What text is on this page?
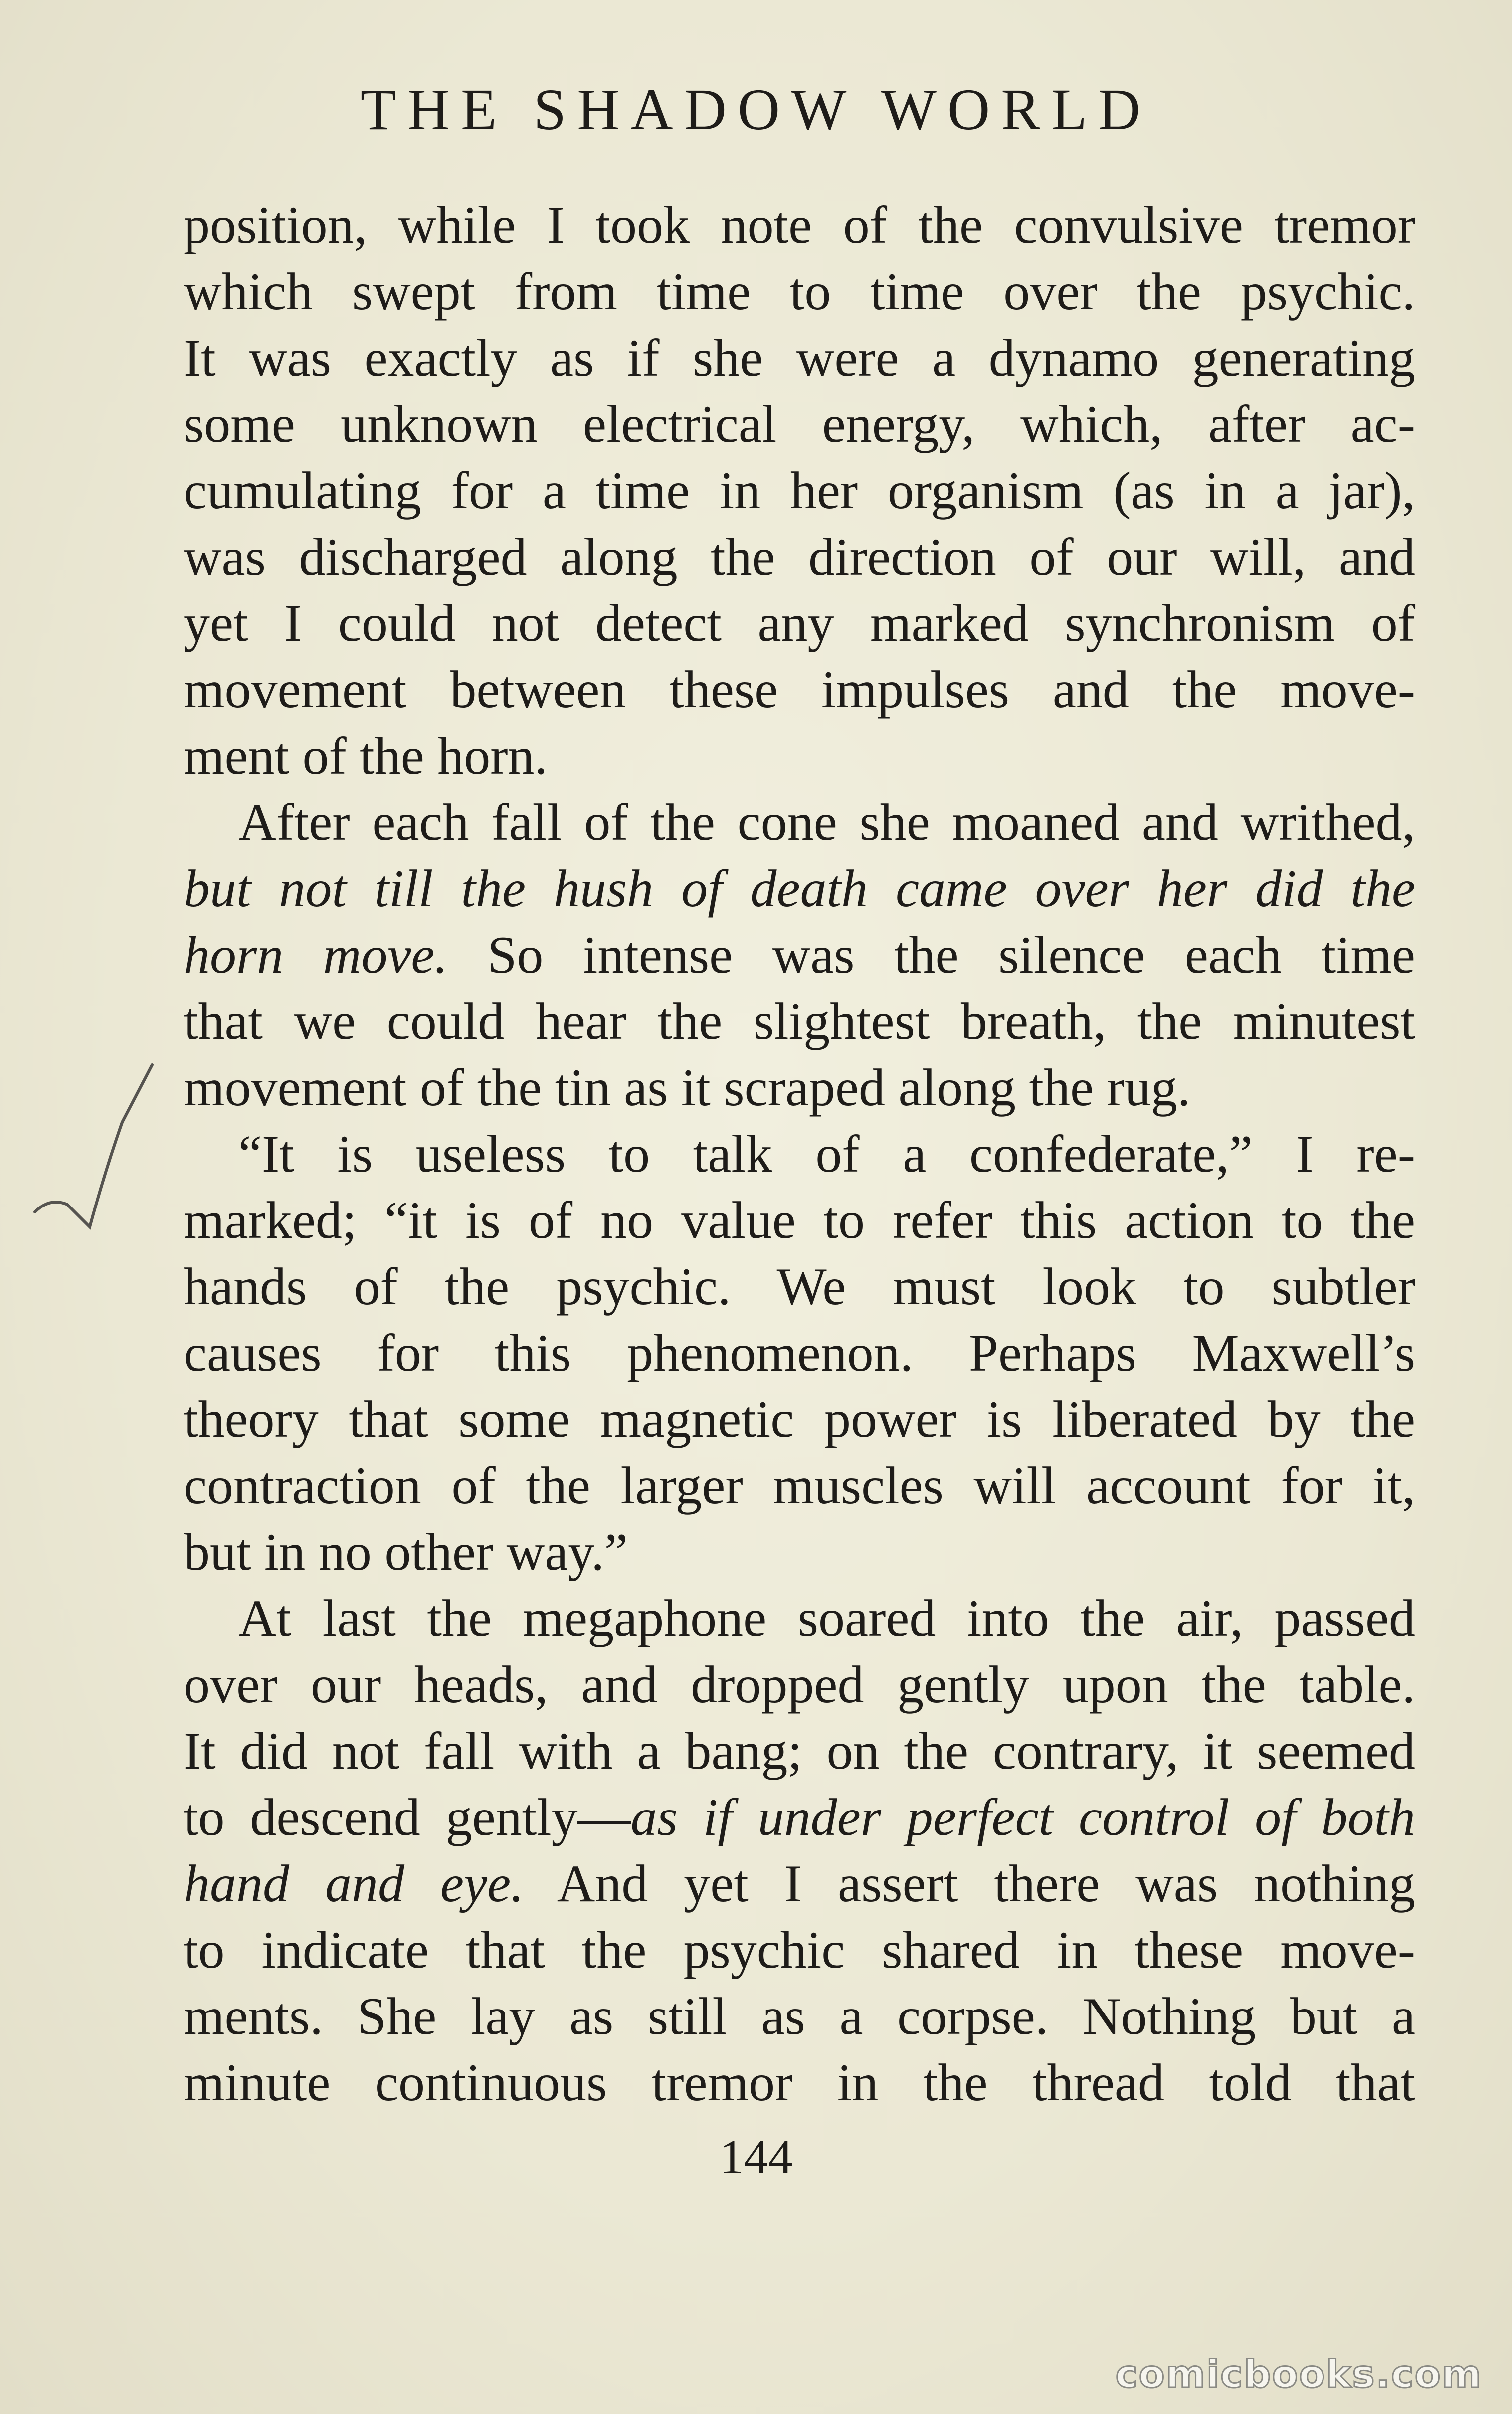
THE SHADOW WORLD
position, while I took note of the convulsive tremor
which swept from time to time over the psychic.
It was exactly as if she were a dynamo generating
some unknown electrical energy, which, after ac-
cumulating for a time in her organism (as in a jar),
was discharged along the direction of our will, and
yet I could not detect any marked synchronism of
movement between these impulses and the move-
ment of the horn.
After each fall of the cone she moaned and writhed,
but not till the hush of death came over her did the
horn move. So intense was the silence each time
that we could hear the slightest breath, the minutest
movement of the tin as it scraped along the rug.
“It is useless to talk of a confederate,” I re-
marked; “it is of no value to refer this action to the
hands of the psychic. We must look to subtler
causes for this phenomenon. Perhaps Maxwell’s
theory that some magnetic power is liberated by the
contraction of the larger muscles will account for it,
but in no other way.”
At last the megaphone soared into the air, passed
over our heads, and dropped gently upon the table.
It did not fall with a bang; on the contrary, it seemed
to descend gently—as if under perfect control of both
hand and eye. And yet I assert there was nothing
to indicate that the psychic shared in these move-
ments. She lay as still as a corpse. Nothing but a
minute continuous tremor in the thread told that
144
comicbooks.com
